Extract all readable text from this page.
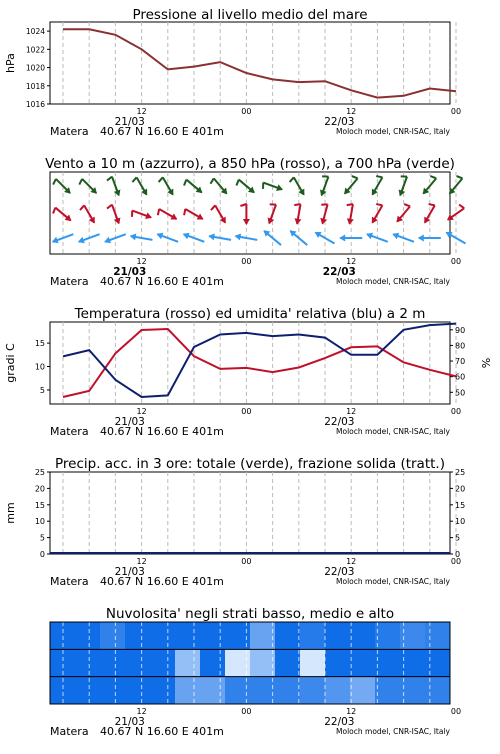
Pressione al livello medio del mare
12	00	12	00
21/03	22/03
Matera 40.67 N 16.60 E 401m	Moloch model, CNR-ISAC, Italy
1016
1018
1020
1022
1024
hPa
Vento a 10 m (azzurro), a 850 hPa (rosso), a 700 hPa (verde)
12	00	12	00
21/03	22/03
Matera 40.67 N 16.60 E 401m	Moloch model, CNR-ISAC, Italy
Temperatura (rosso) ed umidita' relativa (blu) a 2 m
12	00	12	00
21/03	22/03
Matera 40.67 N 16.60 E 401m	Moloch model, CNR-ISAC, Italy
5
10
15
50
60
70
80
90
gradi C	%
Precip. acc. in 3 ore: totale (verde), frazione solida (tratt.)
12	00	12	00
21/03	22/03
Matera 40.67 N 16.60 E 401m	Moloch model, CNR-ISAC, Italy
0
5
10
15
20
25
0
5
10
15
20
25
mm
Nuvolosita' negli strati basso, medio e alto
12	00	12	00
21/03	22/03
Matera 40.67 N 16.60 E 401m	Moloch model, CNR-ISAC, Italy
